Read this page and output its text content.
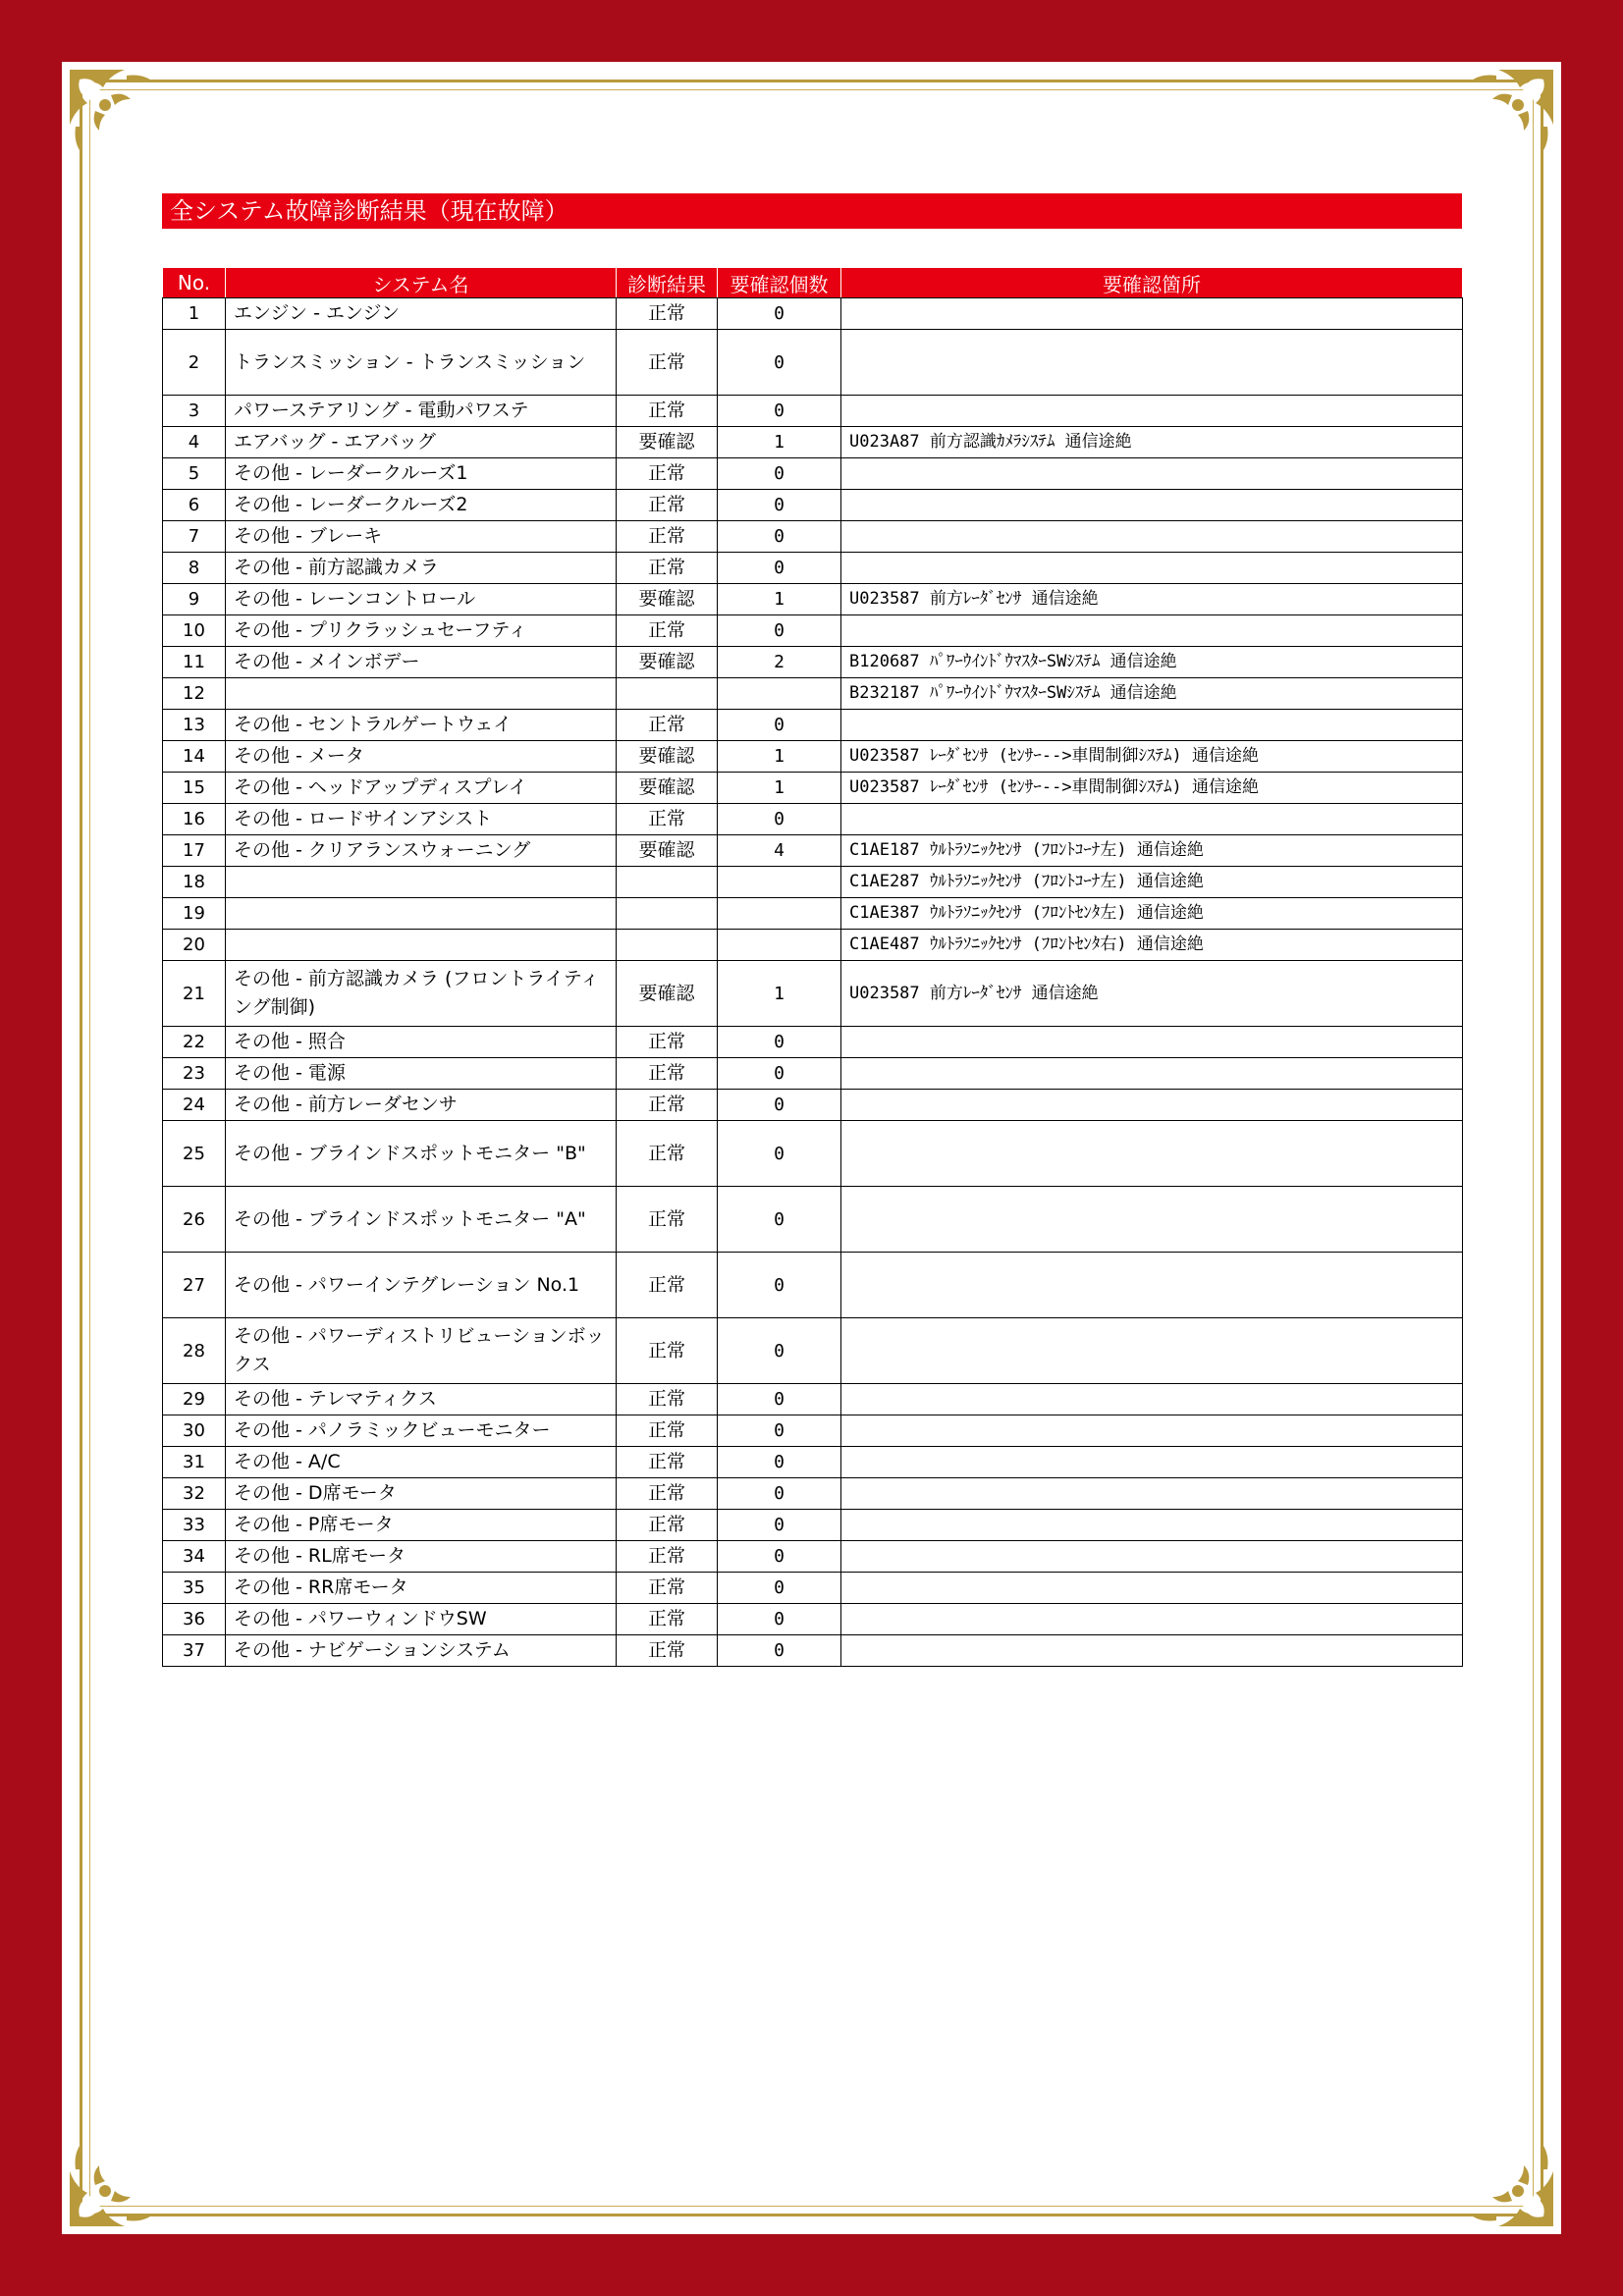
全システム故障診断結果（現在故障）
No.	システム名	診断結果	要確認個数	要確認箇所
1	エンジン - エンジン	正常	0	
2	トランスミッション - トランスミッション	正常	0	
3	パワーステアリング - 電動パワステ	正常	0	
4	エアバッグ - エアバッグ	要確認	1	U023A87 前方認識ｶﾒﾗｼｽﾃﾑ 通信途絶
5	その他 - レーダークルーズ1	正常	0	
6	その他 - レーダークルーズ2	正常	0	
7	その他 - ブレーキ	正常	0	
8	その他 - 前方認識カメラ	正常	0	
9	その他 - レーンコントロール	要確認	1	U023587 前方ﾚｰﾀﾞｾﾝｻ 通信途絶
10	その他 - プリクラッシュセーフティ	正常	0	
11	その他 - メインボデー	要確認	2	B120687 ﾊﾟﾜｰｳｲﾝﾄﾞｳﾏｽﾀｰSWｼｽﾃﾑ 通信途絶
12				B232187 ﾊﾟﾜｰｳｲﾝﾄﾞｳﾏｽﾀｰSWｼｽﾃﾑ 通信途絶
13	その他 - セントラルゲートウェイ	正常	0	
14	その他 - メータ	要確認	1	U023587 ﾚｰﾀﾞｾﾝｻ (ｾﾝｻｰ-->車間制御ｼｽﾃﾑ) 通信途絶
15	その他 - ヘッドアップディスプレイ	要確認	1	U023587 ﾚｰﾀﾞｾﾝｻ (ｾﾝｻｰ-->車間制御ｼｽﾃﾑ) 通信途絶
16	その他 - ロードサインアシスト	正常	0	
17	その他 - クリアランスウォーニング	要確認	4	C1AE187 ｳﾙﾄﾗｿﾆｯｸｾﾝｻ (ﾌﾛﾝﾄｺｰﾅ左) 通信途絶
18				C1AE287 ｳﾙﾄﾗｿﾆｯｸｾﾝｻ (ﾌﾛﾝﾄｺｰﾅ左) 通信途絶
19				C1AE387 ｳﾙﾄﾗｿﾆｯｸｾﾝｻ (ﾌﾛﾝﾄｾﾝﾀ左) 通信途絶
20				C1AE487 ｳﾙﾄﾗｿﾆｯｸｾﾝｻ (ﾌﾛﾝﾄｾﾝﾀ右) 通信途絶
21	その他 - 前方認識カメラ (フロントライティング制御)	要確認	1	U023587 前方ﾚｰﾀﾞｾﾝｻ 通信途絶
22	その他 - 照合	正常	0	
23	その他 - 電源	正常	0	
24	その他 - 前方レーダセンサ	正常	0	
25	その他 - ブラインドスポットモニター "B"	正常	0	
26	その他 - ブラインドスポットモニター "A"	正常	0	
27	その他 - パワーインテグレーション No.1	正常	0	
28	その他 - パワーディストリビューションボックス	正常	0	
29	その他 - テレマティクス	正常	0	
30	その他 - パノラミックビューモニター	正常	0	
31	その他 - A/C	正常	0	
32	その他 - D席モータ	正常	0	
33	その他 - P席モータ	正常	0	
34	その他 - RL席モータ	正常	0	
35	その他 - RR席モータ	正常	0	
36	その他 - パワーウィンドウSW	正常	0	
37	その他 - ナビゲーションシステム	正常	0	
